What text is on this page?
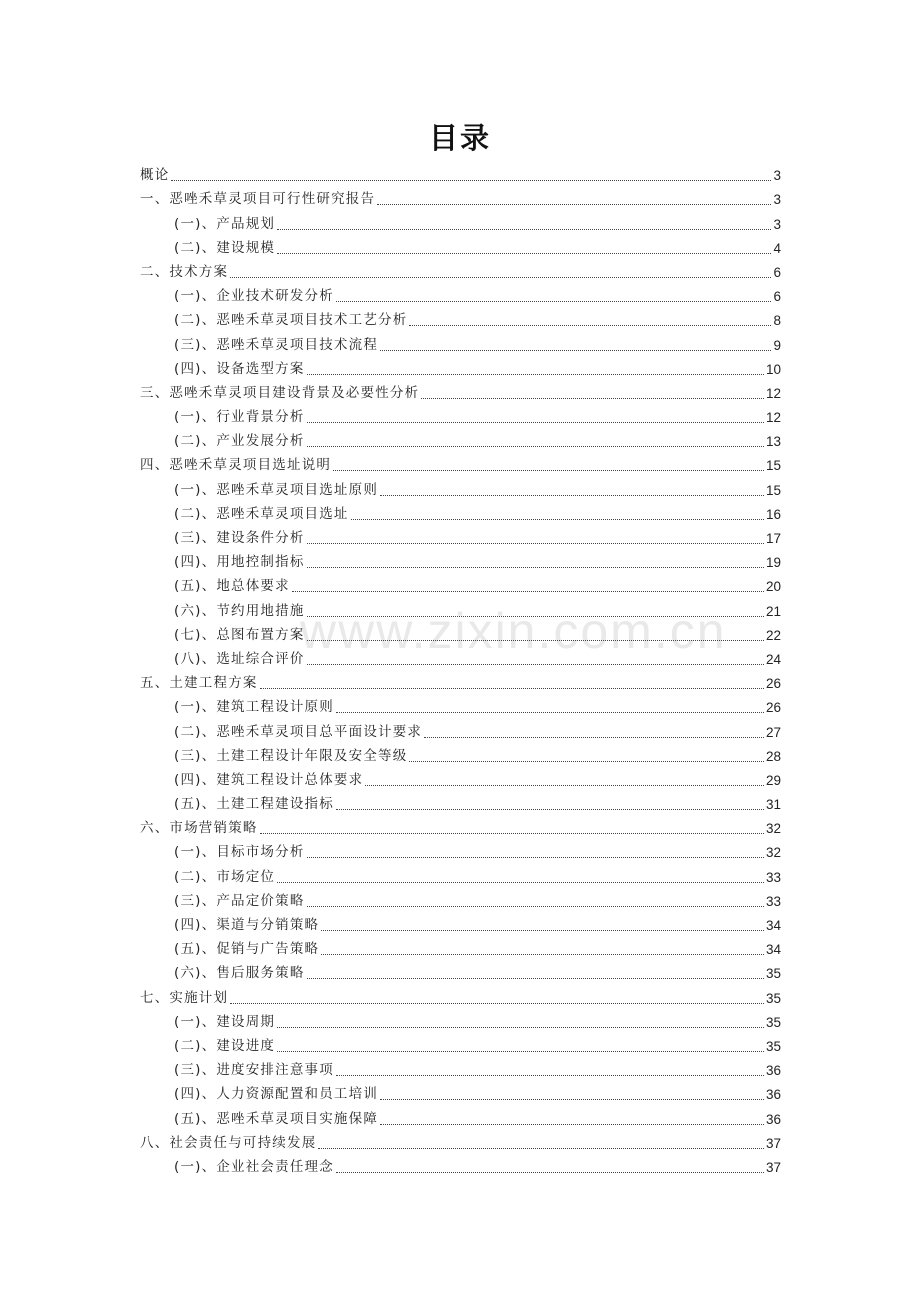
www.zixin.com.cn
目录
概论	3
一、恶唑禾草灵项目可行性研究报告	3
(一)、产品规划	3
(二)、建设规模	4
二、技术方案	6
(一)、企业技术研发分析	6
(二)、恶唑禾草灵项目技术工艺分析	8
(三)、恶唑禾草灵项目技术流程	9
(四)、设备选型方案	10
三、恶唑禾草灵项目建设背景及必要性分析	12
(一)、行业背景分析	12
(二)、产业发展分析	13
四、恶唑禾草灵项目选址说明	15
(一)、恶唑禾草灵项目选址原则	15
(二)、恶唑禾草灵项目选址	16
(三)、建设条件分析	17
(四)、用地控制指标	19
(五)、地总体要求	20
(六)、节约用地措施	21
(七)、总图布置方案	22
(八)、选址综合评价	24
五、土建工程方案	26
(一)、建筑工程设计原则	26
(二)、恶唑禾草灵项目总平面设计要求	27
(三)、土建工程设计年限及安全等级	28
(四)、建筑工程设计总体要求	29
(五)、土建工程建设指标	31
六、市场营销策略	32
(一)、目标市场分析	32
(二)、市场定位	33
(三)、产品定价策略	33
(四)、渠道与分销策略	34
(五)、促销与广告策略	34
(六)、售后服务策略	35
七、实施计划	35
(一)、建设周期	35
(二)、建设进度	35
(三)、进度安排注意事项	36
(四)、人力资源配置和员工培训	36
(五)、恶唑禾草灵项目实施保障	36
八、社会责任与可持续发展	37
(一)、企业社会责任理念	37
